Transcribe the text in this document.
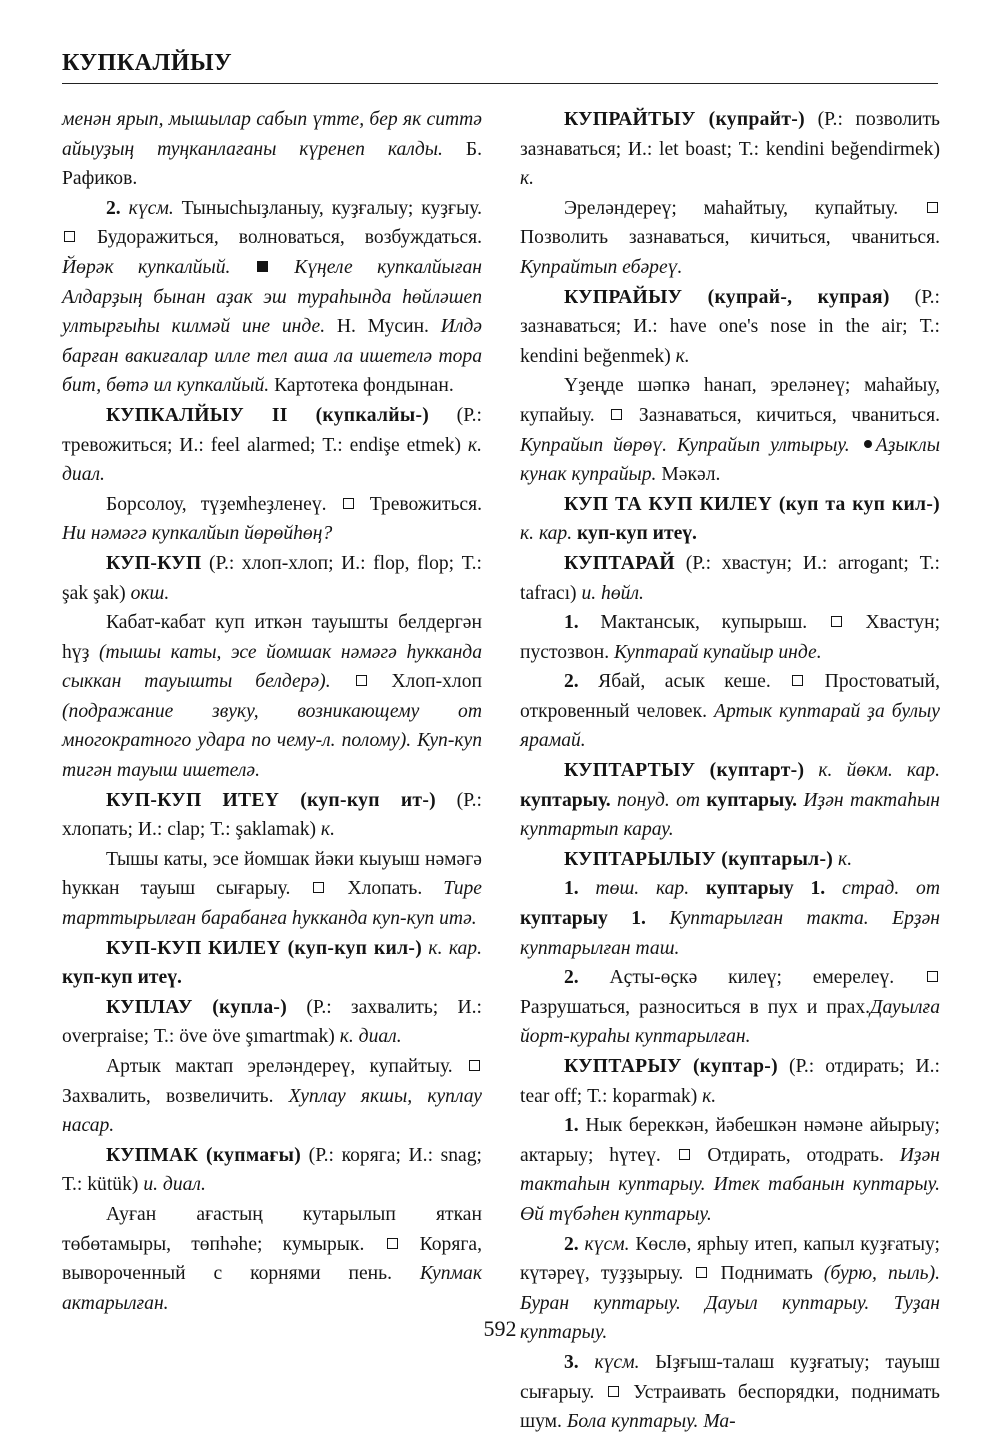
КУПКАЛЙЫУ

менән ярып, мышылар сабып үтте, бер як ситтә айыуҙың туңканлағаны күренеп калды. Б. Рафиков.

2. күсм. Тыныcһыҙланыу, куҙғалыу; куҙғыу.  Будоражиться, волноваться, возбуждаться. Йөрәк купкалйый.  Күңеле купкалйыған Алдарҙың бынан аҙак эш тураһында һөйләшеп ултырғыһы килмәй ине инде. Н. Мусин. Илдә барған вакиғалар илле тел аша ла ишетелә тора бит, бөтә ил купкалйый. Картотека фондынан.

КУПКАЛЙЫУ II (купкалйы-) (Р.: тревожиться; И.: feel alarmed; Т.: endişe etmek) к. диал.

Борсолоу, түҙемһеҙленеү.  Тревожиться. Ни нәмәгә купкалйып йөрөйһөң?

КУП-КУП (Р.: хлоп-хлоп; И.: flop, flop; Т.: şak şak) окш.

Кабат-кабат куп иткән тауышты белдергән һүҙ (тышы каты, эсе йомшак нәмәгә һукканда сыккан тауышты белдерә).  Хлоп-хлоп (подражание звуку, возникающему от многократного удара по чему-л. полому). Куп-куп тигән тауыш ишетелә.

КУП-КУП ИТЕҮ (куп-куп ит-) (Р.: хлопать; И.: clap; Т.: şaklamak) к.

Тышы каты, эсе йомшак йәки кыуыш нәмәгә һуккан тауыш сығарыу.  Хлопать. Тире тарттырылған барабанға һукканда куп-куп итә.

КУП-КУП КИЛЕҮ (куп-куп кил-) к. кар. куп-куп итеү.

КУПЛАУ (купла-) (Р.: захвалить; И.: overpraise; Т.: öve öve şımartmak) к. диал.

Артык мактап эреләндереү, купайтыу.  Захвалить, возвеличить. Хуплау якшы, куплау насар.

КУПМАК (купмағы) (Р.: коряга; И.: snag; Т.: kütük) и. диал.

Ауған ағастың кутарылып яткан төбөтамыры, төпһәһе; кумырык.  Коряга, вывороченный с корнями пень. Купмак актарылған.

КУПРАЙТЫУ (купрайт-) (Р.: позволить зазнаваться; И.: let boast; Т.: kendini beğendirmek) к.

Эреләндереү; маһайтыу, купайтыу.  Позволить зазнаваться, кичиться, чваниться. Купрайтып ебәреү.

КУПРАЙЫУ (купрай-, купрая) (Р.: зазнаваться; И.: have one's nose in the air; Т.: kendini beğenmek) к.

Үҙеңде шәпкә һанап, эреләнеү; маһайыу, купайыу.  Зазнаваться, кичиться, чваниться. Купрайып йөрөү. Купрайып ултырыу. Аҙыклы кунак купрайыр. Мәкәл.

КУП ТА КУП КИЛЕҮ (куп та куп кил-) к. кар. куп-куп итеү.

КУПТАРАЙ (Р.: хвастун; И.: arrogant; Т.: tafracı) и. һөйл.

1. Мактансык, купырыш.  Хвастун; пустозвон. Куптарай купайыр инде.

2. Ябай, асык кеше.  Простоватый, откровенный человек. Артык куптарай ҙа булыу ярамай.

КУПТАРТЫУ (куптарт-) к. йөкм. кар. куптарыу. понуд. от куптарыу. Иҙән тактаһын куптартып карау.

КУПТАРЫЛЫУ (куптарыл-) к.

1. төш. кар. куптарыу 1. страд. от куптарыу 1. Куптарылған такта. Ерҙән куптарылған таш.

2. Аҫты-өҫкә килеү; емерелеү.  Разрушаться, разноситься в пух и прах.Дауылға йорт-кураһы куптарылған.

КУПТАРЫУ (куптар-) (Р.: отдирать; И.: tear off; Т.: koparmak) к.

1. Нык береккән, йәбешкән нәмәне айырыу; актарыу; һүтеү.  Отдирать, отодрать. Иҙән тактаһын куптарыу. Итек табанын куптарыу. Өй түбәһен куптарыу.

2. күсм. Көслө, ярһыу итеп, капыл куҙғатыу; күтәреү, туҙҙырыу.  Поднимать (бурю, пыль). Буран куптарыу. Дауыл куптарыу. Туҙан куптарыу.

3. күсм. Ыҙғыш-талаш куҙғатыу; тауыш сығарыу.  Устраивать беспорядки, поднимать шум. Бола куптарыу. Ма-

592
